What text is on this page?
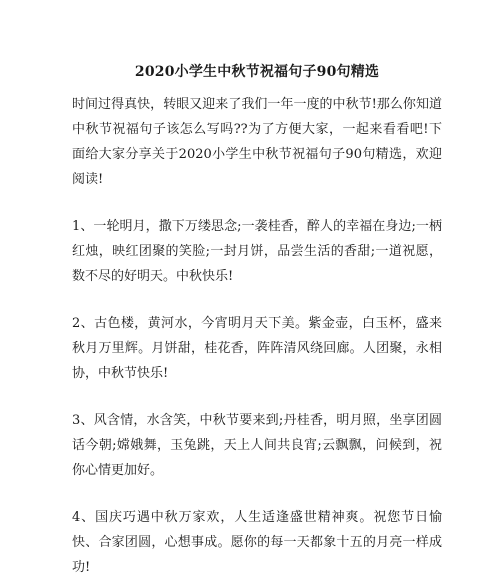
2020小学生中秋节祝福句子90句精选

时间过得真快，转眼又迎来了我们一年一度的中秋节!那么你知道中秋节祝福句子该怎么写吗??为了方便大家，一起来看看吧!下面给大家分享关于2020小学生中秋节祝福句子90句精选，欢迎阅读!

1、一轮明月，撒下万缕思念;一袭桂香，醉人的幸福在身边;一柄红烛，映红团聚的笑脸;一封月饼，品尝生活的香甜;一道祝愿，数不尽的好明天。中秋快乐!

2、古色楼，黄河水，今宵明月天下美。紫金壶，白玉杯，盛来秋月万里辉。月饼甜，桂花香，阵阵清风绕回廊。人团聚，永相协，中秋节快乐!

3、风含情，水含笑，中秋节要来到;丹桂香，明月照，坐享团圆话今朝;嫦娥舞，玉兔跳，天上人间共良宵;云飘飘，问候到，祝你心情更加好。

4、国庆巧遇中秋万家欢，人生适逢盛世精神爽。祝您节日愉快、合家团圆，心想事成。愿你的每一天都象十五的月亮一样成功!
